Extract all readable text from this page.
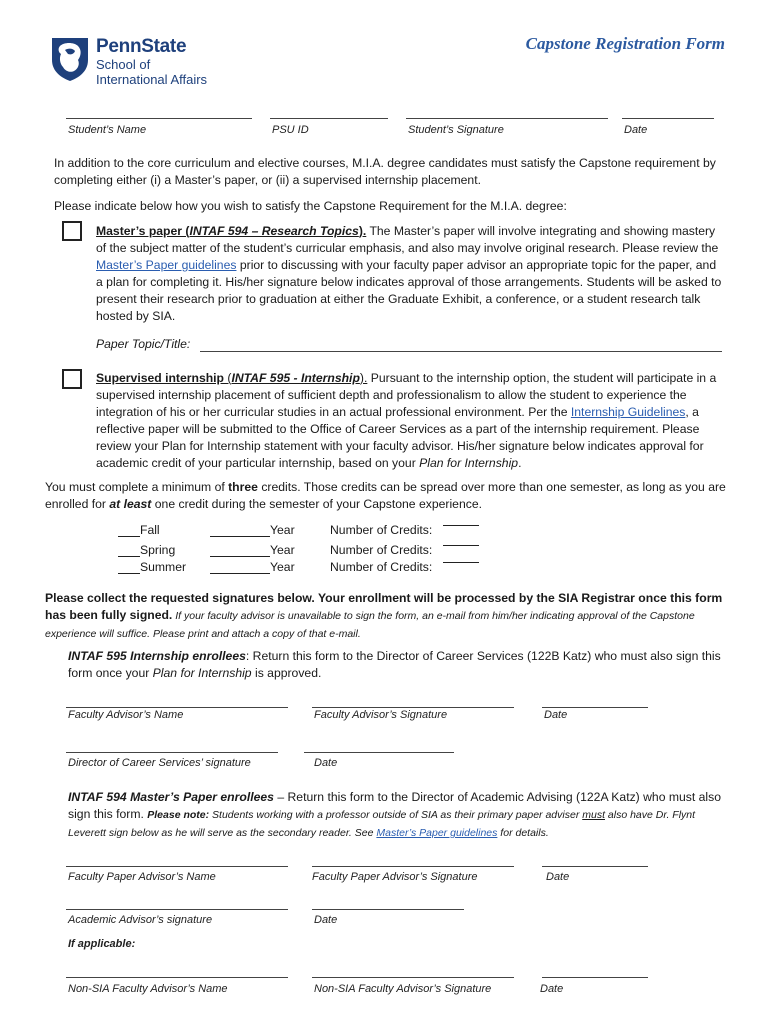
PennState
School of
International Affairs
Capstone Registration Form
Student’s Name	PSU ID	Student’s Signature	Date
In addition to the core curriculum and elective courses, M.I.A. degree candidates must satisfy the Capstone requirement by completing either (i) a Master’s paper, or (ii) a supervised internship placement.
Please indicate below how you wish to satisfy the Capstone Requirement for the M.I.A. degree:
Master’s paper (INTAF 594 – Research Topics). The Master’s paper will involve integrating and showing mastery of the subject matter of the student’s curricular emphasis, and also may involve original research. Please review the Master’s Paper guidelines prior to discussing with your faculty paper advisor an appropriate topic for the paper, and a plan for completing it. His/her signature below indicates approval of those arrangements. Students will be asked to present their research prior to graduation at either the Graduate Exhibit, a conference, or a student research talk hosted by SIA.
Paper Topic/Title:
Supervised internship (INTAF 595 - Internship). Pursuant to the internship option, the student will participate in a supervised internship placement of sufficient depth and professionalism to allow the student to experience the integration of his or her curricular studies in an actual professional environment. Per the Internship Guidelines, a reflective paper will be submitted to the Office of Career Services as a part of the internship requirement. Please review your Plan for Internship statement with your faculty advisor. His/her signature below indicates approval for academic credit of your particular internship, based on your Plan for Internship.
You must complete a minimum of three credits. Those credits can be spread over more than one semester, as long as you are enrolled for at least one credit during the semester of your Capstone experience.
Fall	Year	Number of Credits:
Spring	Year	Number of Credits:
Summer	Year	Number of Credits:
Please collect the requested signatures below. Your enrollment will be processed by the SIA Registrar once this form has been fully signed. If your faculty advisor is unavailable to sign the form, an e-mail from him/her indicating approval of the Capstone experience will suffice. Please print and attach a copy of that e-mail.
INTAF 595 Internship enrollees: Return this form to the Director of Career Services (122B Katz) who must also sign this form once your Plan for Internship is approved.
Faculty Advisor’s Name	Faculty Advisor’s Signature	Date
Director of Career Services’ signature	Date
INTAF 594 Master’s Paper enrollees – Return this form to the Director of Academic Advising (122A Katz) who must also sign this form. Please note: Students working with a professor outside of SIA as their primary paper adviser must also have Dr. Flynt Leverett sign below as he will serve as the secondary reader. See Master’s Paper guidelines for details.
Faculty Paper Advisor’s Name	Faculty Paper Advisor’s Signature	Date
Academic Advisor’s signature	Date
If applicable:
Non-SIA Faculty Advisor’s Name	Non-SIA Faculty Advisor’s Signature	Date
